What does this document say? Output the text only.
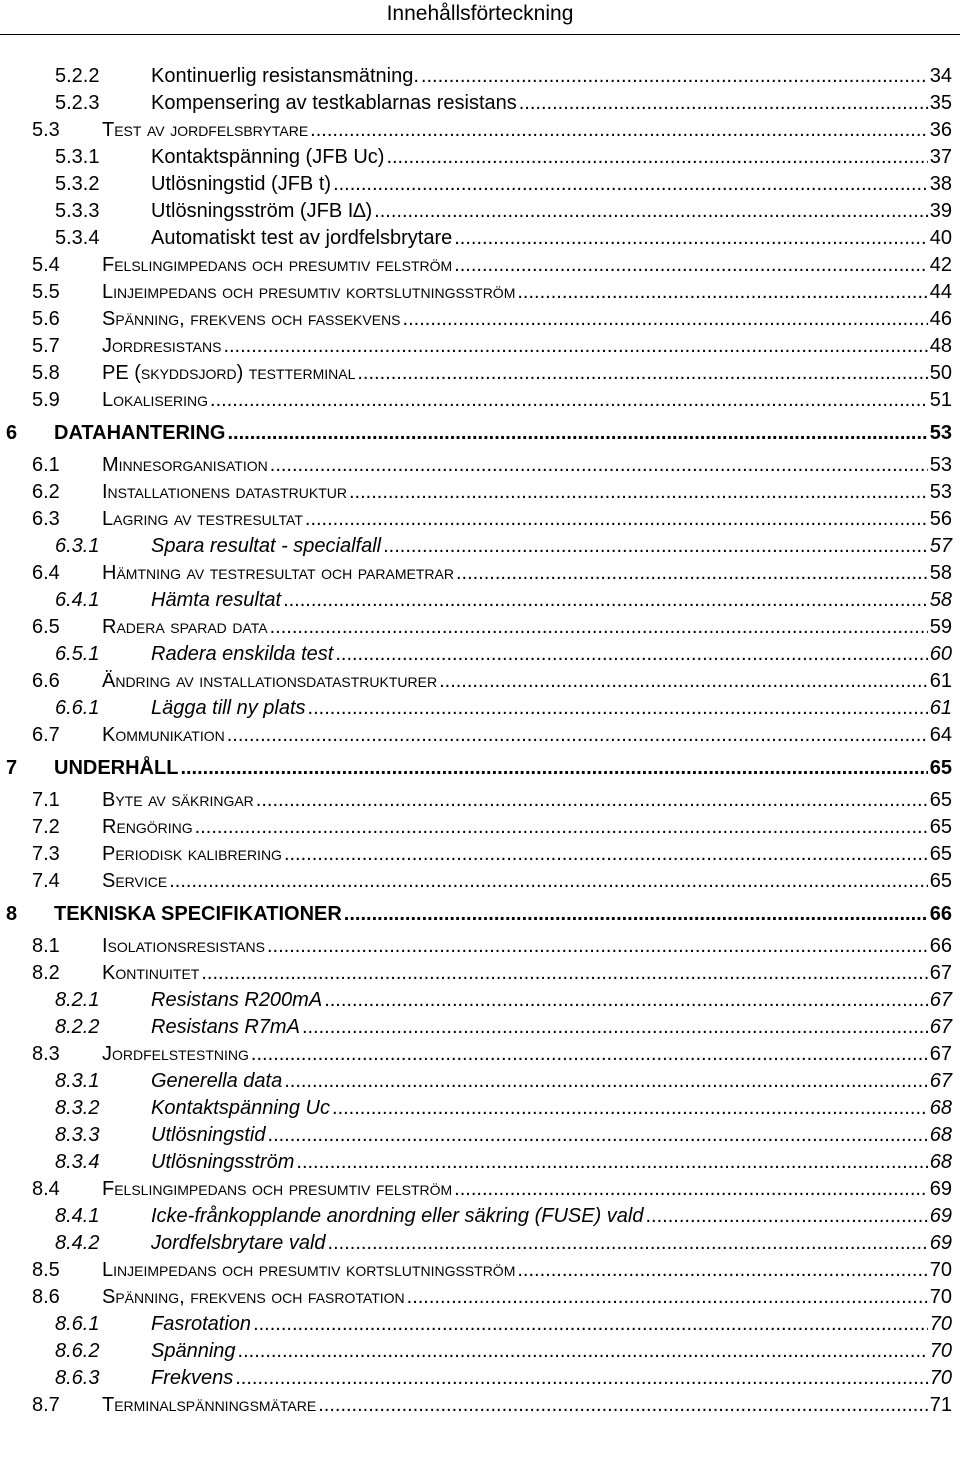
Innehållsförteckning
5.2.2	Kontinuerlig resistansmätning. .....	34
5.2.3	Kompensering av testkablarnas resistans .....	35
5.3	Test av jordfelsbrytare .....	36
5.3.1	Kontaktspänning (JFB Uc) .....	37
5.3.2	Utlösningstid (JFB t) .....	38
5.3.3	Utlösningsström (JFB I∆) .....	39
5.3.4	Automatiskt test av jordfelsbrytare .....	40
5.4	Felslingimpedans och presumtiv felström .....	42
5.5	Linjeimpedans och presumtiv kortslutningsström .....	44
5.6	Spänning, frekvens och fassekvens .....	46
5.7	Jordresistans .....	48
5.8	PE (skyddsjord) testterminal .....	50
5.9	Lokalisering .....	51
6	DATAHANTERING .....	53
6.1	Minnesorganisation .....	53
6.2	Installationens datastruktur .....	53
6.3	Lagring av testresultat .....	56
6.3.1	Spara resultat - specialfall .....	57
6.4	Hämtning av testresultat och parametrar .....	58
6.4.1	Hämta resultat .....	58
6.5	Radera sparad data .....	59
6.5.1	Radera enskilda test .....	60
6.6	Ändring av installationsdatastrukturer .....	61
6.6.1	Lägga till ny plats .....	61
6.7	Kommunikation .....	64
7	UNDERHÅLL .....	65
7.1	Byte av säkringar .....	65
7.2	Rengöring .....	65
7.3	Periodisk kalibrering .....	65
7.4	Service .....	65
8	TEKNISKA SPECIFIKATIONER .....	66
8.1	Isolationsresistans .....	66
8.2	Kontinuitet .....	67
8.2.1	Resistans R200mA .....	67
8.2.2	Resistans R7mA .....	67
8.3	Jordfelstestning .....	67
8.3.1	Generella data .....	67
8.3.2	Kontaktspänning Uc .....	68
8.3.3	Utlösningstid .....	68
8.3.4	Utlösningsström .....	68
8.4	Felslingimpedans och presumtiv felström .....	69
8.4.1	Icke-frånkopplande anordning eller säkring (FUSE) vald .....	69
8.4.2	Jordfelsbrytare vald .....	69
8.5	Linjeimpedans och presumtiv kortslutningsström .....	70
8.6	Spänning, frekvens och fasrotation .....	70
8.6.1	Fasrotation .....	70
8.6.2	Spänning .....	70
8.6.3	Frekvens .....	70
8.7	Terminalspänningsmätare .....	71
